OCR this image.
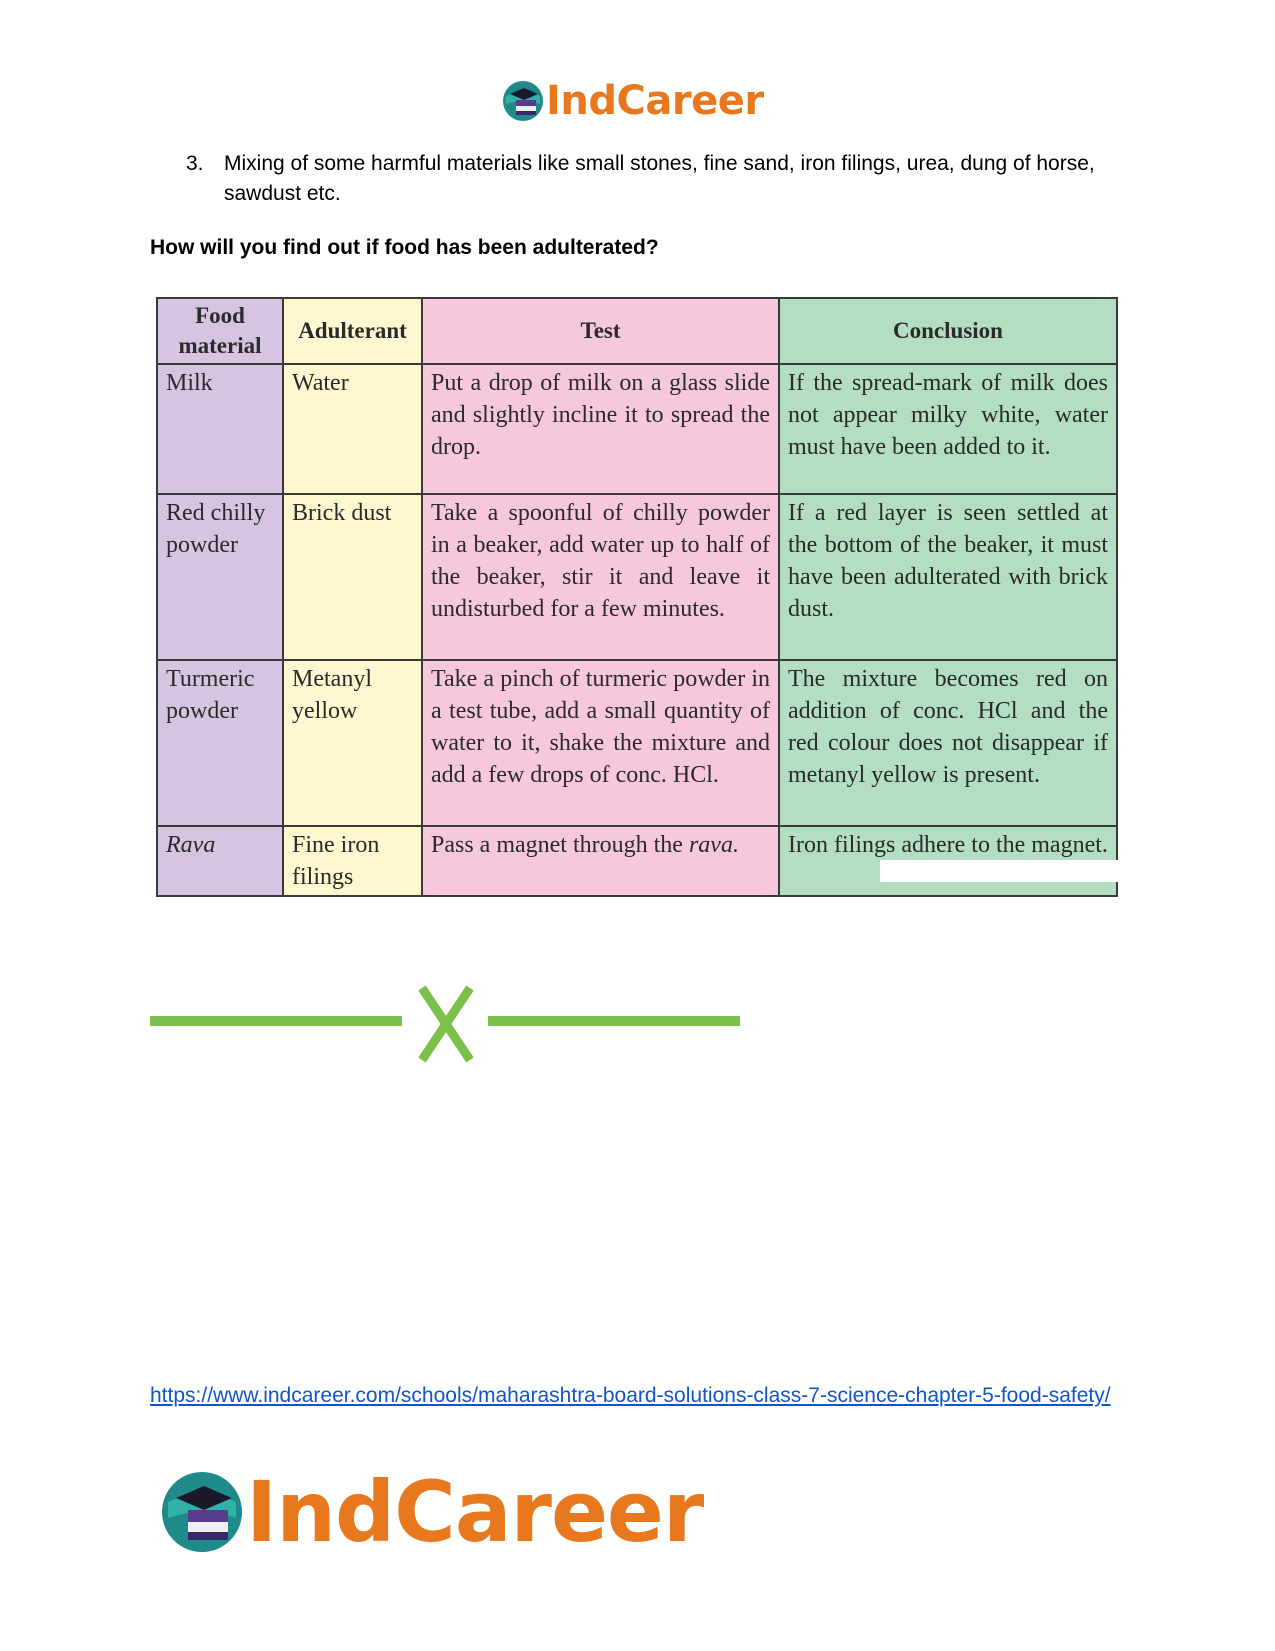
IndCareer
3. Mixing of some harmful materials like small stones, fine sand, iron filings, urea, dung of horse, sawdust etc.
How will you find out if food has been adulterated?
Food material	Adulterant	Test	Conclusion
Milk	Water	Put a drop of milk on a glass slide and slightly incline it to spread the drop.	If the spread-mark of milk does not appear milky white, water must have been added to it.
Red chilly powder	Brick dust	Take a spoonful of chilly powder in a beaker, add water up to half of the beaker, stir it and leave it undisturbed for a few minutes.	If a red layer is seen settled at the bottom of the beaker, it must have been adulterated with brick dust.
Turmeric powder	Metanyl yellow	Take a pinch of turmeric powder in a test tube, add a small quantity of water to it, shake the mixture and add a few drops of conc. HCl.	The mixture becomes red on addition of conc. HCl and the red colour does not disappear if metanyl yellow is present.
Rava	Fine iron filings	Pass a magnet through the rava.	Iron filings adhere to the magnet.
https://www.indcareer.com/schools/maharashtra-board-solutions-class-7-science-chapter-5-food-safety/
IndCareer
